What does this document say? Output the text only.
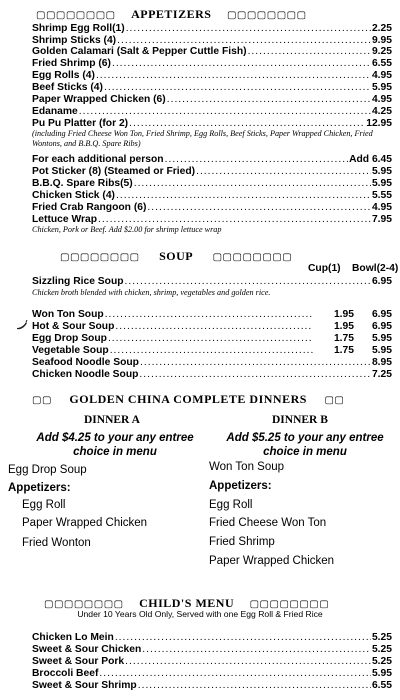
▢▢▢▢▢▢▢▢ APPETIZERS ▢▢▢▢▢▢▢▢
Shrimp Egg Roll(1) .....	2.25
Shrimp Sticks (4) .....	9.95
Golden Calamari (Salt & Pepper Cuttle Fish) .....	9.25
Fried Shrimp (6) .....	6.55
Egg Rolls (4) .....	4.95
Beef Sticks (4) .....	5.95
Paper Wrapped Chicken (6) .....	4.95
Edaname .....	4.25
Pu Pu Platter (for 2) .....	12.95
(including Fried Cheese Won Ton, Fried Shrimp, Egg Rolls, Beef Sticks, Paper Wrapped Chicken, Fried Wontons, and B.B.Q. Spare Ribs)
For each additional person .....	Add 6.45
Pot Sticker (8) (Steamed or Fried) .....	5.95
B.B.Q. Spare Ribs(5) .....	5.95
Chicken Stick (4) .....	5.55
Fried Crab Rangoon (6) .....	4.95
Lettuce Wrap .....	7.95
Chicken, Pork or Beef. Add $2.00 for shrimp lettuce wrap
▢▢▢▢▢▢▢▢ SOUP ▢▢▢▢▢▢▢▢
Cup(1) Bowl(2-4)
Sizzling Rice Soup .....	6.95
Chicken broth blended with chicken, shrimp, vegetables and golden rice.
Won Ton Soup .....	1.95	6.95
Hot & Sour Soup .....	1.95	6.95
Egg Drop Soup .....	1.75	5.95
Vegetable Soup .....	1.75	5.95
Seafood Noodle Soup .....	8.95
Chicken Noodle Soup .....	7.25
▢▢ GOLDEN CHINA COMPLETE DINNERS ▢▢
DINNER A
Add $4.25 to your any entree
choice in menu
Egg Drop Soup
Appetizers:
Egg Roll
Paper Wrapped Chicken
Fried Wonton
DINNER B
Add $5.25 to your any entree
choice in menu
Won Ton Soup
Appetizers:
Egg Roll
Fried Cheese Won Ton
Fried Shrimp
Paper Wrapped Chicken
▢▢▢▢▢▢▢▢ CHILD'S MENU ▢▢▢▢▢▢▢▢
Under 10 Years Old Only, Served with one Egg Roll & Fried Rice
Chicken Lo Mein .....	5.25
Sweet & Sour Chicken .....	5.25
Sweet & Sour Pork .....	5.25
Broccoli Beef .....	5.95
Sweet & Sour Shrimp .....	6.55
